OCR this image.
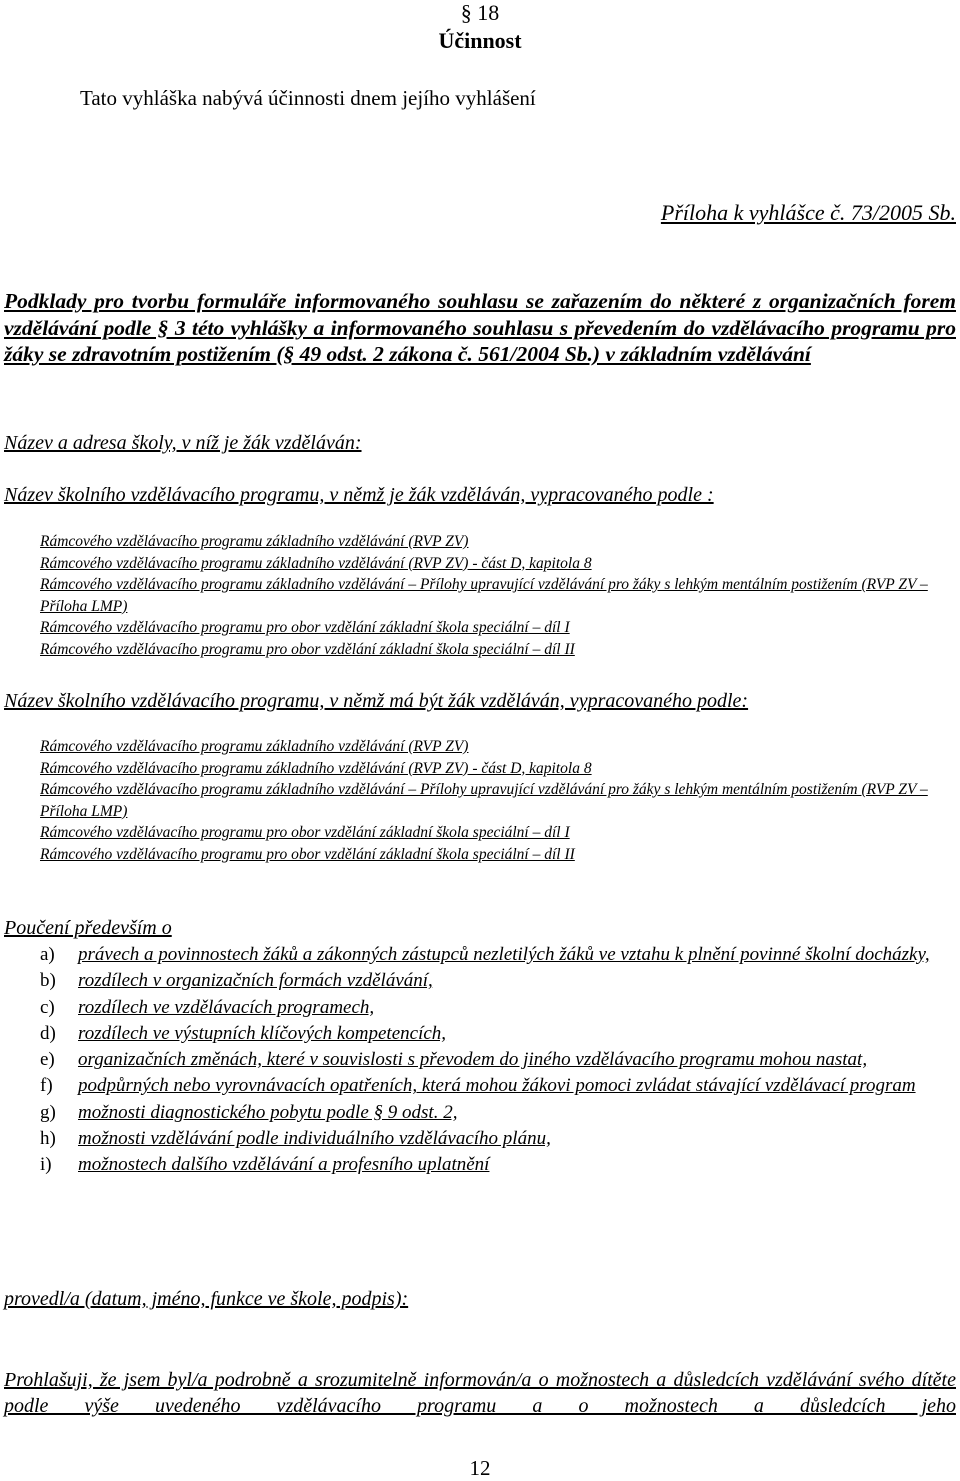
§ 18
Účinnost
Tato vyhláška nabývá účinnosti dnem jejího vyhlášení
Příloha k vyhlášce č. 73/2005 Sb.
Podklady pro tvorbu formuláře informovaného souhlasu se zařazením do některé z organizačních forem vzdělávání podle § 3 této vyhlášky a informovaného souhlasu s převedením do vzdělávacího programu pro žáky se zdravotním postižením (§ 49 odst. 2 zákona č. 561/2004 Sb.) v základním vzdělávání
Název a adresa školy, v níž je žák vzděláván:
Název školního vzdělávacího programu, v němž je žák vzděláván, vypracovaného podle :
Rámcového vzdělávacího programu základního vzdělávání (RVP ZV)
Rámcového vzdělávacího programu základního vzdělávání (RVP ZV) - část D, kapitola 8
Rámcového vzdělávacího programu základního vzdělávání – Přílohy upravující vzdělávání pro žáky s lehkým mentálním postižením (RVP ZV – Příloha LMP)
Rámcového vzdělávacího programu pro obor vzdělání základní škola speciální – díl I
Rámcového vzdělávacího programu pro obor vzdělání základní škola speciální – díl II
Název školního vzdělávacího programu, v němž má být žák vzděláván, vypracovaného podle:
Rámcového vzdělávacího programu základního vzdělávání (RVP ZV)
Rámcového vzdělávacího programu základního vzdělávání (RVP ZV) - část D, kapitola 8
Rámcového vzdělávacího programu základního vzdělávání – Přílohy upravující vzdělávání pro žáky s lehkým mentálním postižením (RVP ZV – Příloha LMP)
Rámcového vzdělávacího programu pro obor vzdělání základní škola speciální – díl I
Rámcového vzdělávacího programu pro obor vzdělání základní škola speciální – díl II
Poučení především o
a)	právech a povinnostech žáků a zákonných zástupců nezletilých žáků ve vztahu k plnění povinné školní docházky,
b)	rozdílech v organizačních formách vzdělávání,
c)	rozdílech ve vzdělávacích programech,
d)	rozdílech ve výstupních klíčových kompetencích,
e)	organizačních změnách, které v souvislosti s převodem do jiného vzdělávacího programu mohou nastat,
f)	podpůrných nebo vyrovnávacích opatřeních, která mohou žákovi pomoci zvládat stávající vzdělávací program
g)	možnosti diagnostického pobytu podle § 9 odst. 2,
h)	možnosti vzdělávání podle individuálního vzdělávacího plánu,
i)	možnostech dalšího vzdělávání a profesního uplatnění
provedl/a (datum, jméno, funkce ve škole, podpis):
Prohlašuji, že jsem byl/a podrobně a srozumitelně informován/a o možnostech a důsledcích vzdělávání svého dítěte podle výše uvedeného vzdělávacího programu a o možnostech a důsledcích jeho
12
